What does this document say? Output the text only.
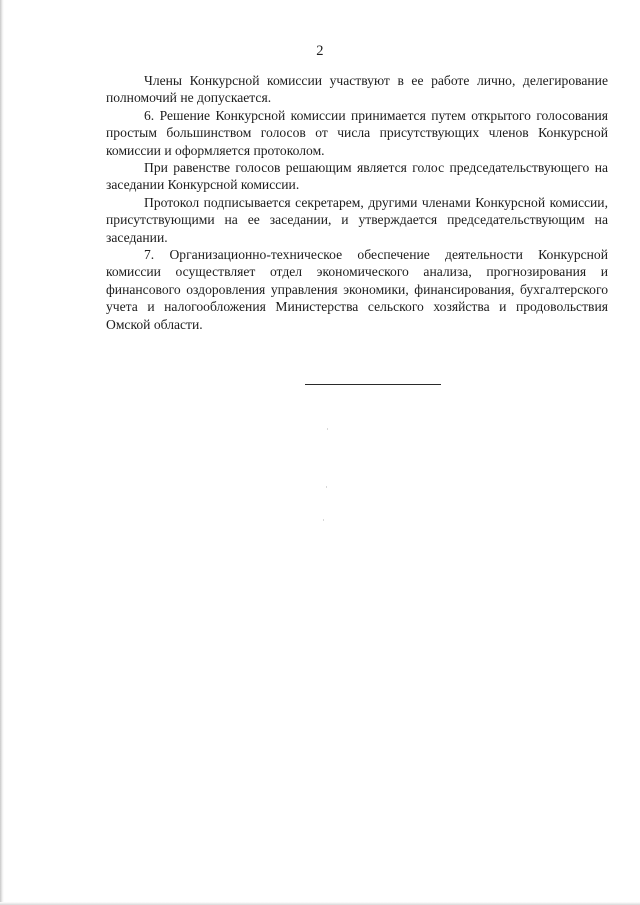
2

Члены Конкурсной комиссии участвуют в ее работе лично, делегирование полномочий не допускается.

6. Решение Конкурсной комиссии принимается путем открытого голосования простым большинством голосов от числа присутствующих членов Конкурсной комиссии и оформляется протоколом.

При равенстве голосов решающим является голос председательствующего на заседании Конкурсной комиссии.

Протокол подписывается секретарем, другими членами Конкурсной комиссии, присутствующими на ее заседании, и утверждается председательствующим на заседании.

7. Организационно-техническое обеспечение деятельности Конкурсной комиссии осуществляет отдел экономического анализа, прогнозирования и финансового оздоровления управления экономики, финансирования, бухгалтерского учета и налогообложения Министерства сельского хозяйства и продовольствия Омской области.
